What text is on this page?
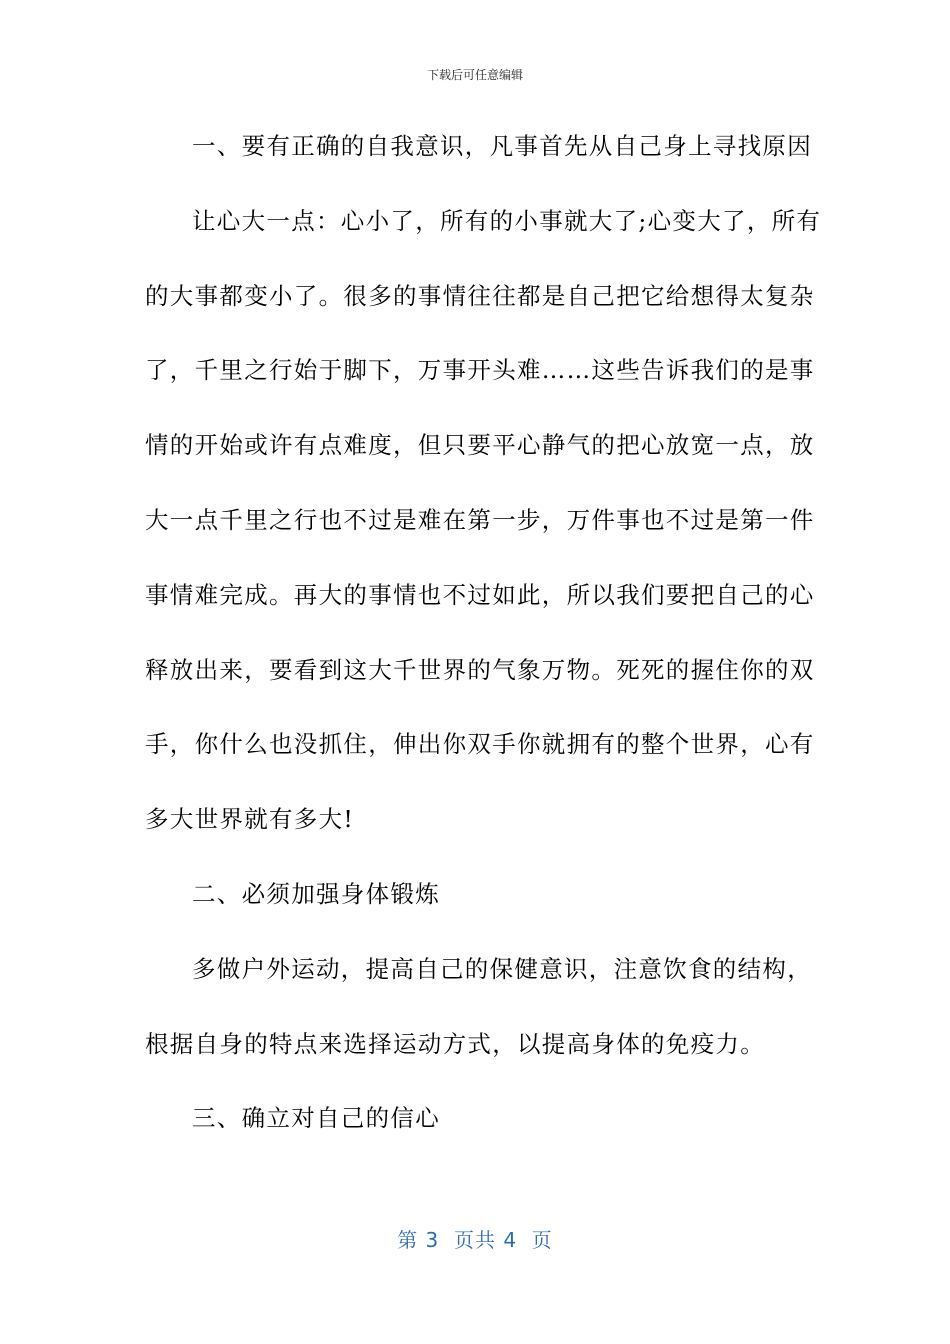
下载后可任意编辑
一、要有正确的自我意识，凡事首先从自己身上寻找原因
让心大一点：心小了，所有的小事就大了;心变大了，所有
的大事都变小了。很多的事情往往都是自己把它给想得太复杂
了，千里之行始于脚下，万事开头难……这些告诉我们的是事
情的开始或许有点难度，但只要平心静气的把心放宽一点，放
大一点千里之行也不过是难在第一步，万件事也不过是第一件
事情难完成。再大的事情也不过如此，所以我们要把自己的心
释放出来，要看到这大千世界的气象万物。死死的握住你的双
手，你什么也没抓住，伸出你双手你就拥有的整个世界，心有
多大世界就有多大!
二、必须加强身体锻炼
多做户外运动，提高自己的保健意识，注意饮食的结构，
根据自身的特点来选择运动方式，以提高身体的免疫力。
三、确立对自己的信心
第 3  页共 4  页
